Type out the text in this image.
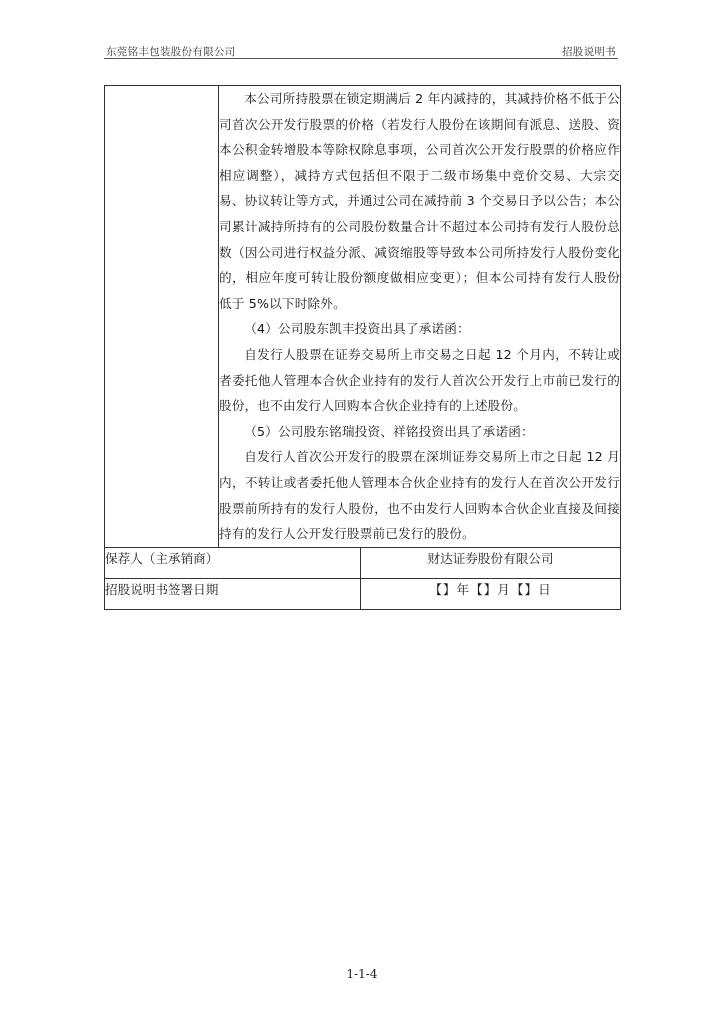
东莞铭丰包装股份有限公司	招股说明书

	本公司所持股票在锁定期满后 2 年内减持的，其减持价格不低于公司首次公开发行股票的价格（若发行人股份在该期间有派息、送股、资本公积金转增股本等除权除息事项，公司首次公开发行股票的价格应作相应调整），减持方式包括但不限于二级市场集中竞价交易、大宗交易、协议转让等方式，并通过公司在减持前 3 个交易日予以公告；本公司累计减持所持有的公司股份数量合计不超过本公司持有发行人股份总数（因公司进行权益分派、减资缩股等导致本公司所持发行人股份变化的，相应年度可转让股份额度做相应变更）；但本公司持有发行人股份低于 5%以下时除外。

（4）公司股东凯丰投资出具了承诺函：

自发行人股票在证券交易所上市交易之日起 12 个月内，不转让或者委托他人管理本合伙企业持有的发行人首次公开发行上市前已发行的股份，也不由发行人回购本合伙企业持有的上述股份。

（5）公司股东铭瑞投资、祥铭投资出具了承诺函：

自发行人首次公开发行的股票在深圳证券交易所上市之日起 12 月内，不转让或者委托他人管理本合伙企业持有的发行人在首次公开发行股票前所持有的发行人股份，也不由发行人回购本合伙企业直接及间接持有的发行人公开发行股票前已发行的股份。	

保荐人（主承销商）		财达证券股份有限公司
招股说明书签署日期		【】年【】月【】日
1-1-4
